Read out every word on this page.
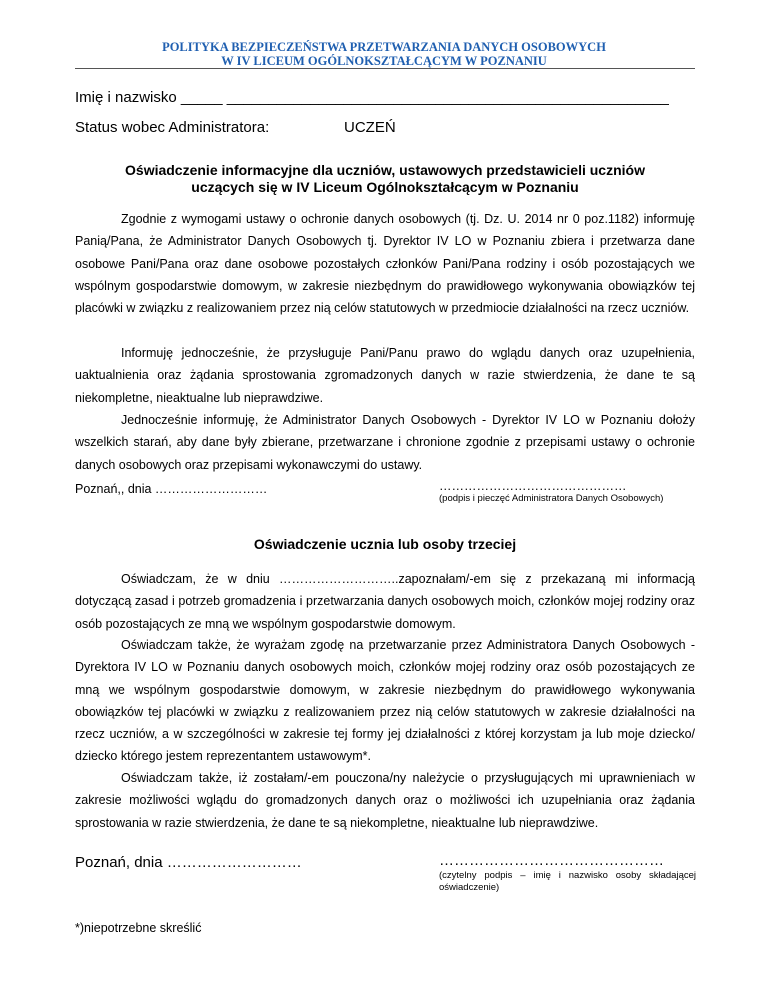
POLITYKA BEZPIECZEŃSTWA PRZETWARZANIA DANYCH OSOBOWYCH
W IV LICEUM OGÓLNOKSZTAŁCĄCYM W POZNANIU
Imię i nazwisko _____ _____________________________________________________
Status wobec Administratora:	UCZEŃ
Oświadczenie informacyjne dla uczniów, ustawowych przedstawicieli uczniów
uczących się w IV Liceum Ogólnokształcącym w Poznaniu
Zgodnie z wymogami ustawy o ochronie danych osobowych (tj. Dz. U. 2014 nr 0 poz.1182) informuję Panią/Pana, że Administrator Danych Osobowych tj. Dyrektor IV LO w Poznaniu zbiera i przetwarza dane osobowe Pani/Pana oraz dane osobowe pozostałych członków Pani/Pana rodziny i osób pozostających we wspólnym gospodarstwie domowym, w zakresie niezbędnym do prawidłowego wykonywania obowiązków tej placówki w związku z realizowaniem przez nią celów statutowych w przedmiocie działalności na rzecz uczniów.
Informuję jednocześnie, że przysługuje Pani/Panu prawo do wglądu danych oraz uzupełnienia, uaktualnienia oraz żądania sprostowania zgromadzonych danych w razie stwierdzenia, że dane te są niekompletne, nieaktualne lub nieprawdziwe.
Jednocześnie informuję, że Administrator Danych Osobowych - Dyrektor IV LO w Poznaniu dołoży wszelkich starań, aby dane były zbierane, przetwarzane i chronione zgodnie z przepisami ustawy o ochronie danych osobowych oraz przepisami wykonawczymi do ustawy.
Poznań,, dnia ………………………	………………………………………
(podpis i pieczęć Administratora Danych Osobowych)
Oświadczenie ucznia lub osoby trzeciej
Oświadczam, że w dniu ………………………..zapoznałam/-em się z przekazaną mi informacją dotyczącą zasad i potrzeb gromadzenia i przetwarzania danych osobowych moich, członków mojej rodziny oraz osób pozostających ze mną we wspólnym gospodarstwie domowym.
Oświadczam także, że wyrażam zgodę na przetwarzanie przez Administratora Danych Osobowych - Dyrektora IV LO w Poznaniu danych osobowych moich, członków mojej rodziny oraz osób pozostających ze mną we wspólnym gospodarstwie domowym, w zakresie niezbędnym do prawidłowego wykonywania obowiązków tej placówki w związku z realizowaniem przez nią celów statutowych w zakresie działalności na rzecz uczniów, a w szczególności w zakresie tej formy jej działalności z której korzystam ja lub moje dziecko/ dziecko którego jestem reprezentantem ustawowym*.
Oświadczam także, iż zostałam/-em pouczona/ny należycie o przysługujących mi uprawnieniach w zakresie możliwości wglądu do gromadzonych danych oraz o możliwości ich uzupełniania oraz żądania sprostowania w razie stwierdzenia, że dane te są niekompletne, nieaktualne lub nieprawdziwe.
Poznań, dnia ………………………	………………………………………
(czytelny podpis – imię i nazwisko osoby składającej oświadczenie)
*)niepotrzebne skreślić
